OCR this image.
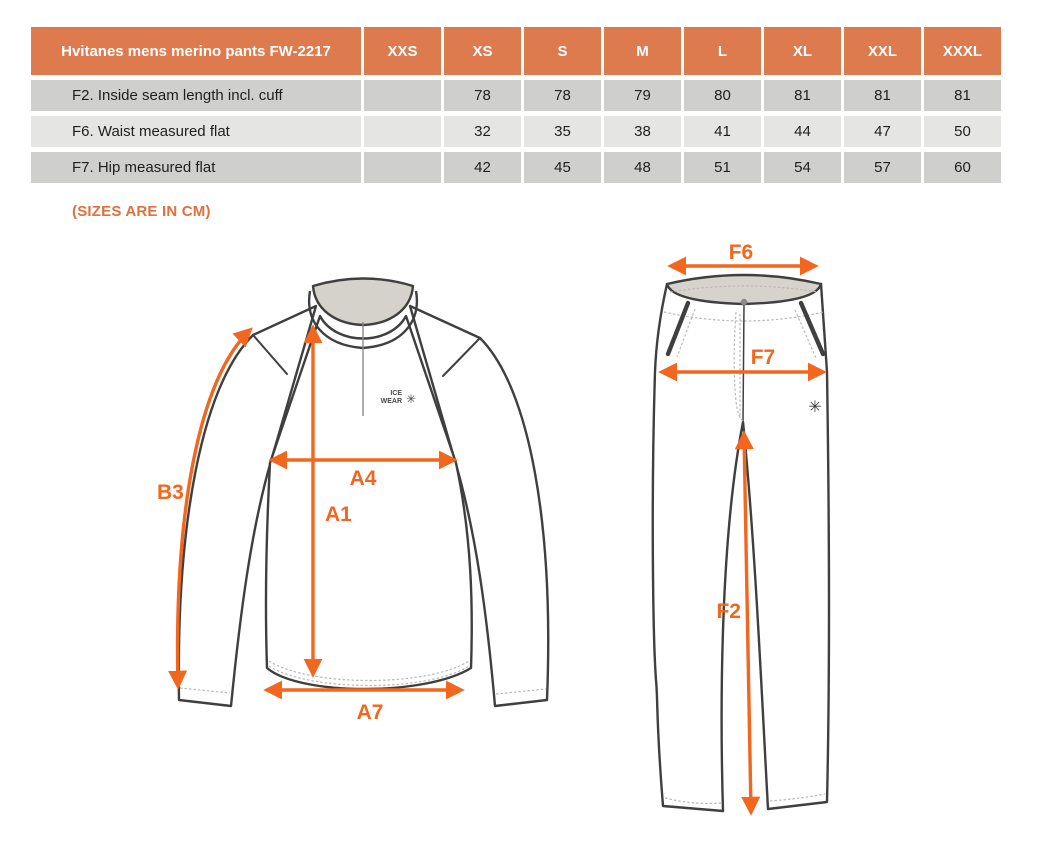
Hvitanes mens merino pants FW-2217	XXS	XS	S	M	L	XL	XXL	XXXL
F2. Inside seam length incl. cuff		78	78	79	80	81	81	81
F6. Waist measured flat		32	35	38	41	44	47	50
F7. Hip measured flat		42	45	48	51	54	57	60
(SIZES ARE IN CM)
ICE
WEAR ✳
B3
A4
A1
A7
✳
F6
F7
F2
